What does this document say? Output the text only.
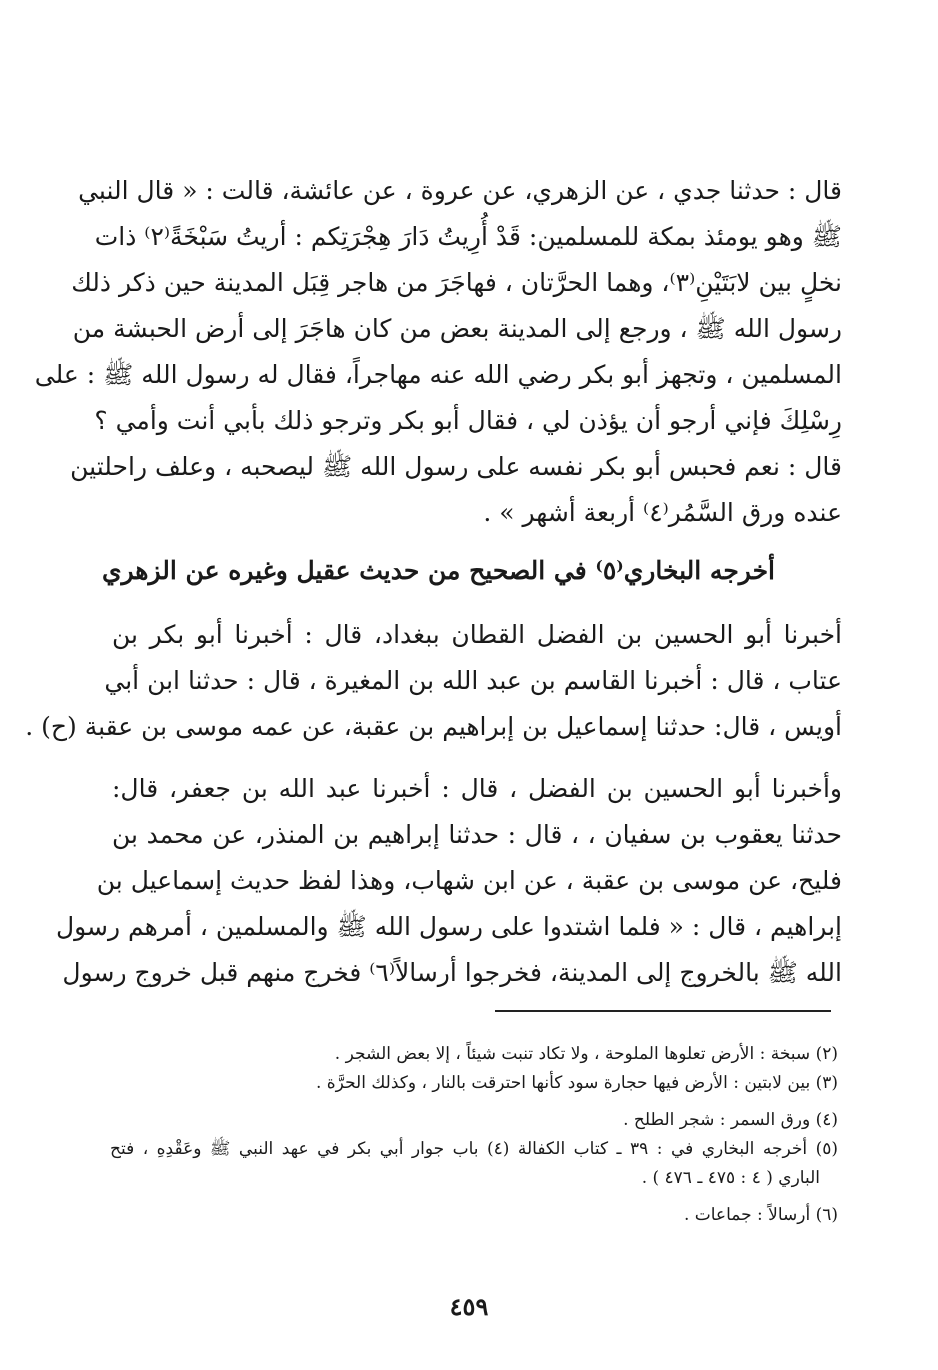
قال : حدثنا جدي ، عن الزهري، عن عروة ، عن عائشة، قالت : « قال النبي
ﷺ وهو يومئذ بمكة للمسلمين: قَدْ أُرِيتُ دَارَ هِجْرَتِكم : أريتُ سَبْخَةً⁽٢⁾ ذات
نخلٍ بين لابَتَيْنِ⁽٣⁾، وهما الحرَّتان ، فهاجَرَ من هاجر قِبَل المدينة حين ذكر ذلك
رسول الله ﷺ ، ورجع إلى المدينة بعض من كان هاجَرَ إلى أرض الحبشة من
المسلمين ، وتجهز أبو بكر رضي الله عنه مهاجراً، فقال له رسول الله ﷺ : على
رِسْلِكَ فإني أرجو أن يؤذن لي ، فقال أبو بكر وترجو ذلك بأبي أنت وأمي ؟
قال : نعم فحبس أبو بكر نفسه على رسول الله ﷺ ليصحبه ، وعلف راحلتين
عنده ورق السَّمُر⁽٤⁾ أربعة أشهر » .
أخرجه البخاري⁽٥⁾ في الصحيح من حديث عقيل وغيره عن الزهري
أخبرنا أبو الحسين بن الفضل القطان ببغداد، قال : أخبرنا أبو بكر بن
عتاب ، قال : أخبرنا القاسم بن عبد الله بن المغيرة ، قال : حدثنا ابن أبي
أويس ، قال: حدثنا إسماعيل بن إبراهيم بن عقبة، عن عمه موسى بن عقبة (ح) .
وأخبرنا أبو الحسين بن الفضل ، قال : أخبرنا عبد الله بن جعفر، قال:
حدثنا يعقوب بن سفيان ، ، قال : حدثنا إبراهيم بن المنذر، عن محمد بن
فليح، عن موسى بن عقبة ، عن ابن شهاب، وهذا لفظ حديث إسماعيل بن
إبراهيم ، قال : « فلما اشتدوا على رسول الله ﷺ والمسلمين ، أمرهم رسول
الله ﷺ بالخروج إلى المدينة، فخرجوا أرسالاً⁽٦⁾ فخرج منهم قبل خروج رسول
(٢) سبخة : الأرض تعلوها الملوحة ، ولا تكاد تنبت شيئاً ، إلا بعض الشجر .
(٣) بين لابتين : الأرض فيها حجارة سود كأنها احترقت بالنار ، وكذلك الحرَّة .
(٤) ورق السمر : شجر الطلح .
(٥) أخرجه البخاري في : ٣٩ ـ كتاب الكفالة (٤) باب جوار أبي بكر في عهد النبي ﷺ وعَقْدِهِ ، فتح
الباري ( ٤ : ٤٧٥ ـ ٤٧٦ ) .
(٦) أرسالاً : جماعات .
٤٥٩
